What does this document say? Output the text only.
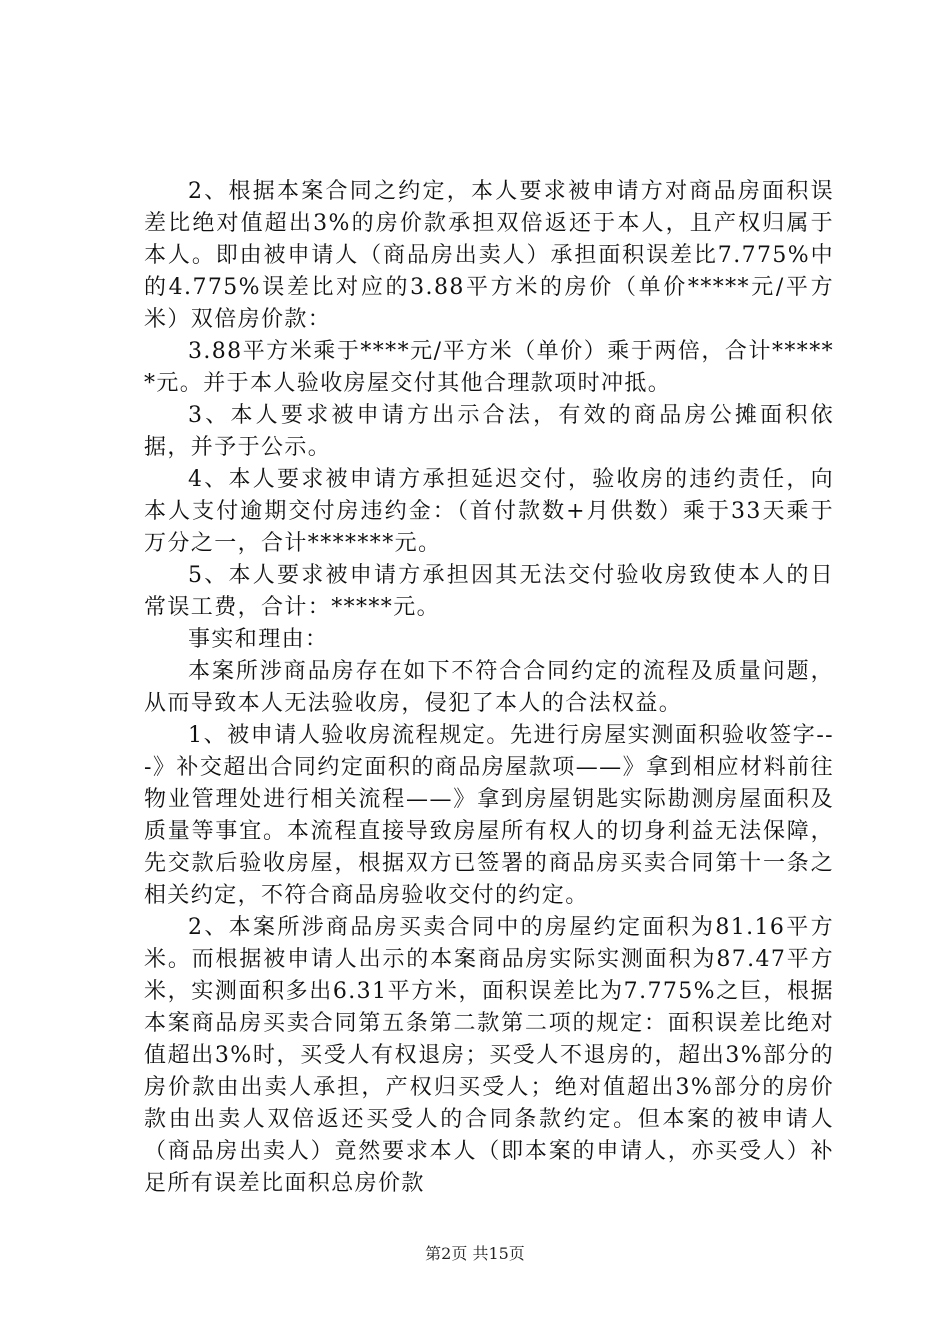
2、根据本案合同之约定，本人要求被申请方对商品房面积误差比绝对值超出3%的房价款承担双倍返还于本人，且产权归属于本人。即由被申请人（商品房出卖人）承担面积误差比7.775%中的4.775%误差比对应的3.88平方米的房价（单价*****元/平方米）双倍房价款：

3.88平方米乘于****元/平方米（单价）乘于两倍，合计******元。并于本人验收房屋交付其他合理款项时冲抵。

3、本人要求被申请方出示合法，有效的商品房公摊面积依据，并予于公示。

4、本人要求被申请方承担延迟交付，验收房的违约责任，向本人支付逾期交付房违约金：（首付款数+月供数）乘于33天乘于万分之一，合计*******元。

5、本人要求被申请方承担因其无法交付验收房致使本人的日常误工费，合计：*****元。

事实和理由：

本案所涉商品房存在如下不符合合同约定的流程及质量问题，从而导致本人无法验收房，侵犯了本人的合法权益。

1、被申请人验收房流程规定。先进行房屋实测面积验收签字---》补交超出合同约定面积的商品房屋款项——》拿到相应材料前往物业管理处进行相关流程——》拿到房屋钥匙实际勘测房屋面积及质量等事宜。本流程直接导致房屋所有权人的切身利益无法保障，先交款后验收房屋，根据双方已签署的商品房买卖合同第十一条之相关约定，不符合商品房验收交付的约定。

2、本案所涉商品房买卖合同中的房屋约定面积为81.16平方米。而根据被申请人出示的本案商品房实际实测面积为87.47平方米，实测面积多出6.31平方米，面积误差比为7.775%之巨，根据本案商品房买卖合同第五条第二款第二项的规定：面积误差比绝对值超出3%时，买受人有权退房；买受人不退房的，超出3%部分的房价款由出卖人承担，产权归买受人；绝对值超出3%部分的房价款由出卖人双倍返还买受人的合同条款约定。但本案的被申请人（商品房出卖人）竟然要求本人（即本案的申请人，亦买受人）补足所有误差比面积总房价款

第2页 共15页
